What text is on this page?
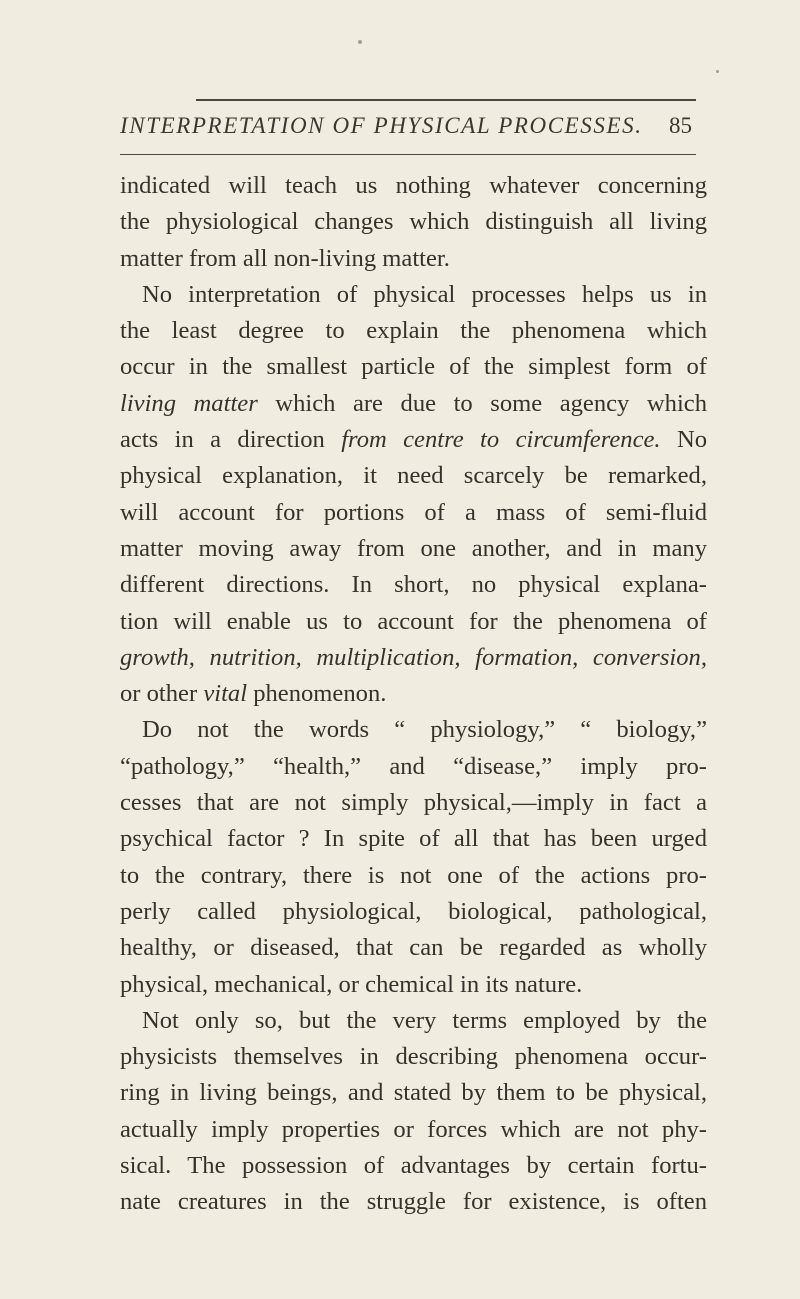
INTERPRETATION OF PHYSICAL PROCESSES. 85
indicated will teach us nothing whatever concerning
the physiological changes which distinguish all living
matter from all non-living matter.
No interpretation of physical processes helps us in
the least degree to explain the phenomena which
occur in the smallest particle of the simplest form of
living matter which are due to some agency which
acts in a direction from centre to circumference. No
physical explanation, it need scarcely be remarked,
will account for portions of a mass of semi-fluid
matter moving away from one another, and in many
different directions. In short, no physical explana-
tion will enable us to account for the phenomena of
growth, nutrition, multiplication, formation, conversion,
or other vital phenomenon.
Do not the words “ physiology,” “ biology,”
“pathology,” “health,” and “disease,” imply pro-
cesses that are not simply physical,—imply in fact a
psychical factor ? In spite of all that has been urged
to the contrary, there is not one of the actions pro-
perly called physiological, biological, pathological,
healthy, or diseased, that can be regarded as wholly
physical, mechanical, or chemical in its nature.
Not only so, but the very terms employed by the
physicists themselves in describing phenomena occur-
ring in living beings, and stated by them to be physical,
actually imply properties or forces which are not phy-
sical. The possession of advantages by certain fortu-
nate creatures in the struggle for existence, is often
